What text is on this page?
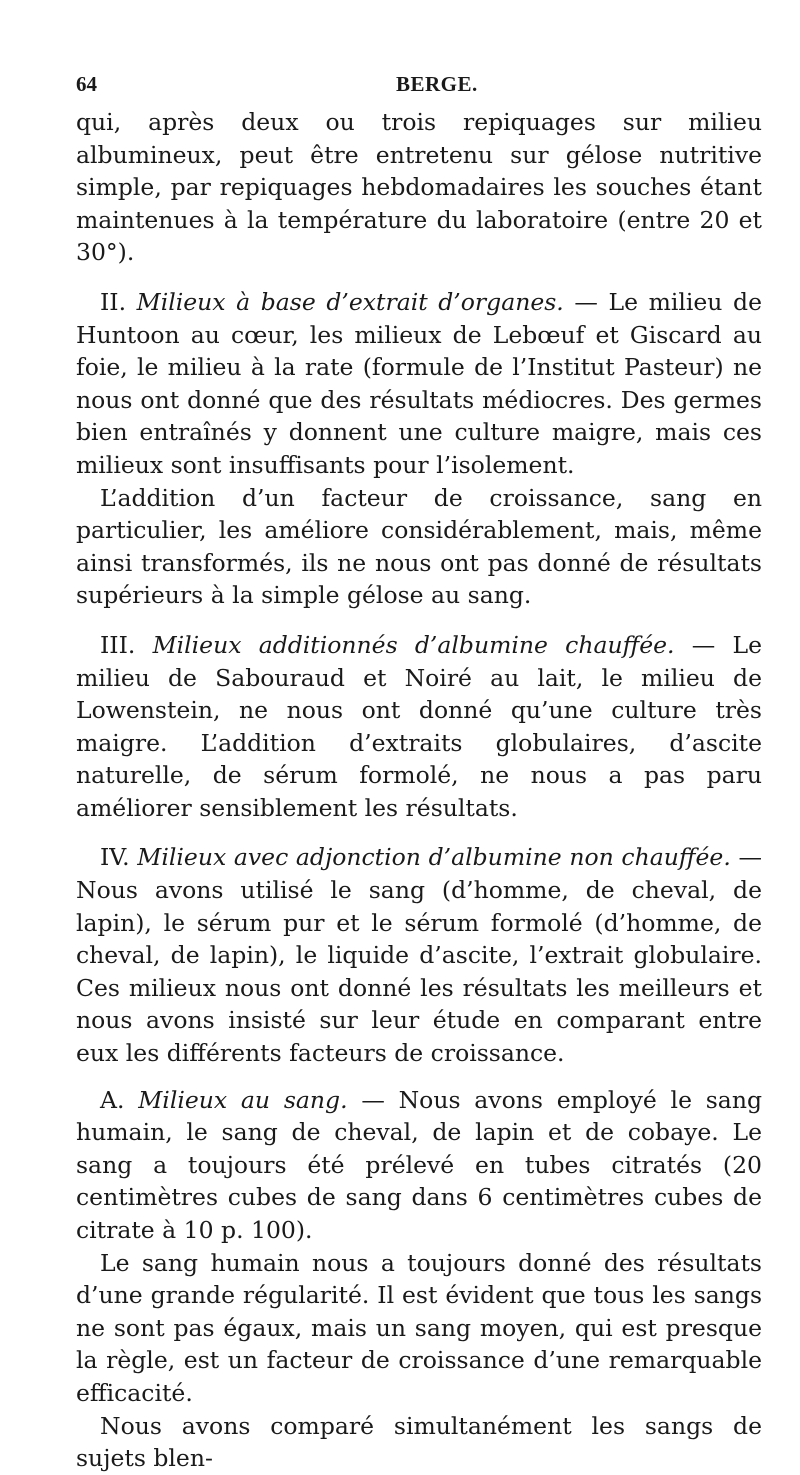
64	BERGE.

qui, après deux ou trois repiquages sur milieu albumineux, peut être entretenu sur gélose nutritive simple, par repiquages hebdomadaires les souches étant maintenues à la température du laboratoire (entre 20 et 30°).

II. Milieux à base d’extrait d’organes. — Le milieu de Huntoon au cœur, les milieux de Lebœuf et Giscard au foie, le milieu à la rate (formule de l’Institut Pasteur) ne nous ont donné que des résultats médiocres. Des germes bien entraînés y donnent une culture maigre, mais ces milieux sont insuffisants pour l’isolement.

L’addition d’un facteur de croissance, sang en particulier, les améliore considérablement, mais, même ainsi transformés, ils ne nous ont pas donné de résultats supérieurs à la simple gélose au sang.

III. Milieux additionnés d’albumine chauffée. — Le milieu de Sabouraud et Noiré au lait, le milieu de Lowenstein, ne nous ont donné qu’une culture très maigre. L’addition d’extraits globulaires, d’ascite naturelle, de sérum formolé, ne nous a pas paru améliorer sensiblement les résultats.

IV. Milieux avec adjonction d’albumine non chauffée. — Nous avons utilisé le sang (d’homme, de cheval, de lapin), le sérum pur et le sérum formolé (d’homme, de cheval, de lapin), le liquide d’ascite, l’extrait globulaire. Ces milieux nous ont donné les résultats les meilleurs et nous avons insisté sur leur étude en comparant entre eux les différents facteurs de croissance.

A. Milieux au sang. — Nous avons employé le sang humain, le sang de cheval, de lapin et de cobaye. Le sang a toujours été prélevé en tubes citratés (20 centimètres cubes de sang dans 6 centimètres cubes de citrate à 10 p. 100).

Le sang humain nous a toujours donné des résultats d’une grande régularité. Il est évident que tous les sangs ne sont pas égaux, mais un sang moyen, qui est presque la règle, est un facteur de croissance d’une remarquable efficacité.

Nous avons comparé simultanément les sangs de sujets blen-
